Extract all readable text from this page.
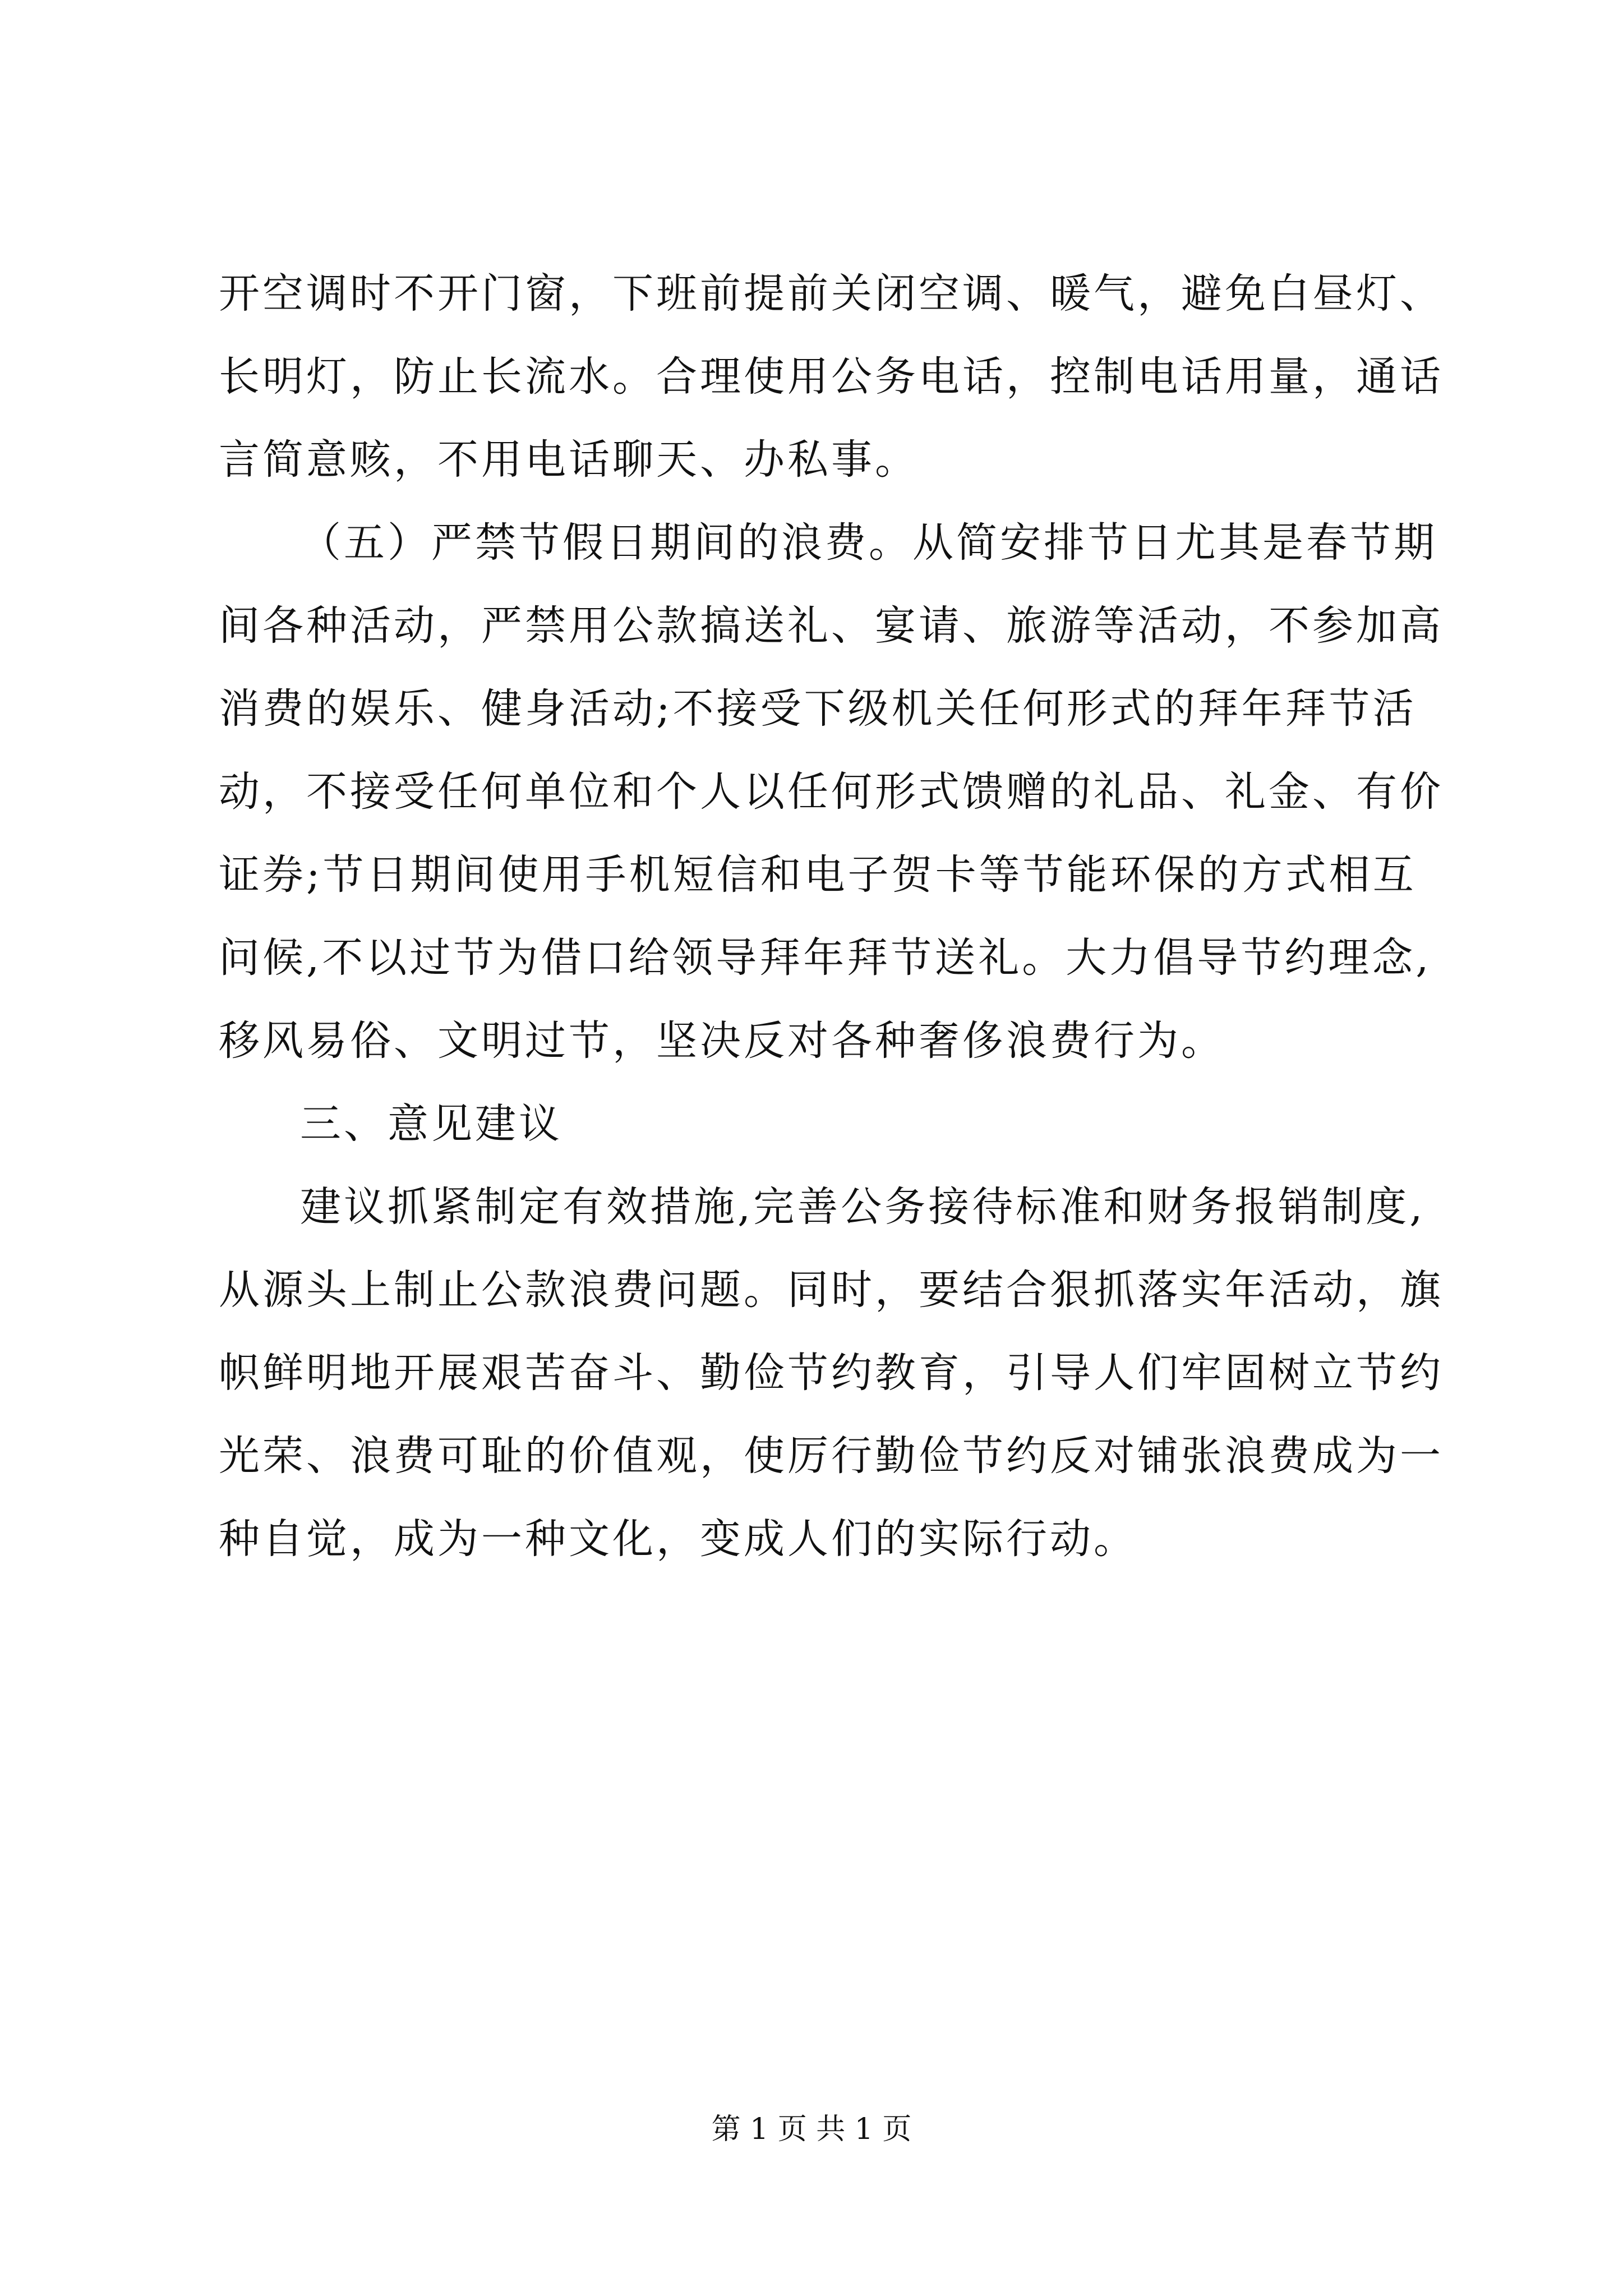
开空调时不开门窗，下班前提前关闭空调、暖气，避免白昼灯、
长明灯，防止长流水。合理使用公务电话，控制电话用量，通话
言简意赅，不用电话聊天、办私事。
（五）严禁节假日期间的浪费。从简安排节日尤其是春节期
间各种活动，严禁用公款搞送礼、宴请、旅游等活动，不参加高
消费的娱乐、健身活动;不接受下级机关任何形式的拜年拜节活
动，不接受任何单位和个人以任何形式馈赠的礼品、礼金、有价
证券;节日期间使用手机短信和电子贺卡等节能环保的方式相互
问候,不以过节为借口给领导拜年拜节送礼。大力倡导节约理念,
移风易俗、文明过节，坚决反对各种奢侈浪费行为。
三、意见建议
建议抓紧制定有效措施,完善公务接待标准和财务报销制度,
从源头上制止公款浪费问题。同时，要结合狠抓落实年活动，旗
帜鲜明地开展艰苦奋斗、勤俭节约教育，引导人们牢固树立节约
光荣、浪费可耻的价值观，使厉行勤俭节约反对铺张浪费成为一
种自觉，成为一种文化，变成人们的实际行动。
第 1 页 共 1 页
